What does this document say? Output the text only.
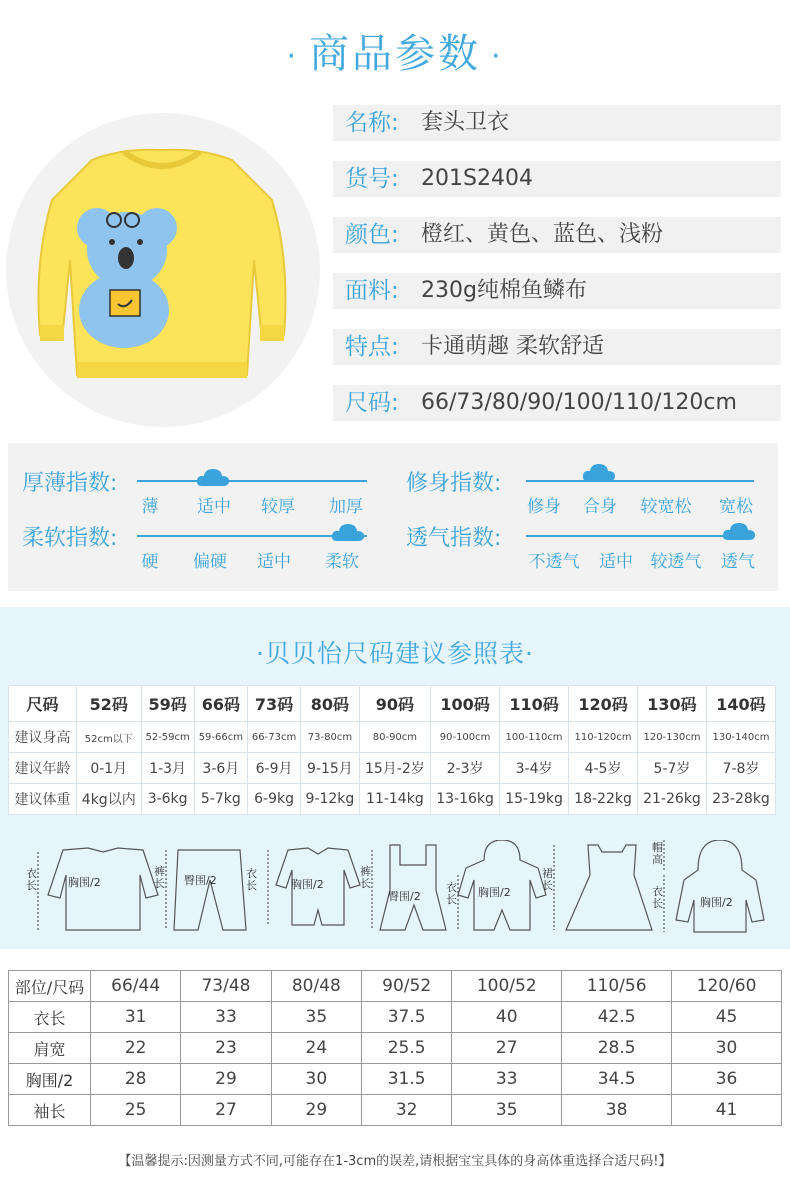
· 商品参数 ·
名称: 套头卫衣
货号: 201S2404
颜色: 橙红、黄色、蓝色、浅粉
面料: 230g纯棉鱼鳞布
特点: 卡通萌趣 柔软舒适
尺码: 66/73/80/90/100/110/120cm
厚薄指数:
薄	适中	较厚	加厚
修身指数:
修身	合身	较宽松	宽松
柔软指数:
硬	偏硬	适中	柔软
透气指数:
不透气	适中	较透气	透气
·贝贝怡尺码建议参照表·
尺码	52码	59码	66码	73码	80码	90码	100码	110码	120码	130码	140码
建议身高	52cm以下	52-59cm	59-66cm	66-73cm	73-80cm	80-90cm	90-100cm	100-110cm	110-120cm	120-130cm	130-140cm
建议年龄	0-1月	1-3月	3-6月	6-9月	9-15月	15月-2岁	2-3岁	3-4岁	4-5岁	5-7岁	7-8岁
建议体重	4kg以内	3-6kg	5-7kg	6-9kg	9-12kg	11-14kg	13-16kg	15-19kg	18-22kg	21-26kg	23-28kg
衣长	胸围/2
裤长 臀围/2
衣长	胸围/2
裤长
臀围/2
衣长
胸围/2
裙长
帽高
衣长	胸围/2
部位/尺码	66/44	73/48	80/48	90/52	100/52	110/56	120/60
衣长	31	33	35	37.5	40	42.5	45
肩宽	22	23	24	25.5	27	28.5	30
胸围/2	28	29	30	31.5	33	34.5	36
袖长	25	27	29	32	35	38	41
【温馨提示:因测量方式不同,可能存在1-3cm的误差,请根据宝宝具体的身高体重选择合适尺码!】
